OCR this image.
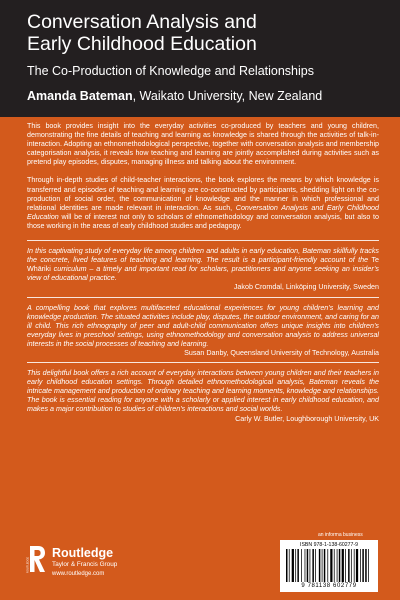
Conversation Analysis and
Early Childhood Education
The Co-Production of Knowledge and Relationships
Amanda Bateman, Waikato University, New Zealand

This book provides insight into the everyday activities co-produced by teachers and young children, demonstrating the fine details of teaching and learning as knowledge is shared through the activities of talk-in-interaction. Adopting an ethnomethodological perspective, together with conversation analysis and membership categorisation analysis, it reveals how teaching and learning are jointly accomplished during activities such as pretend play episodes, disputes, managing illness and talking about the environment.

Through in-depth studies of child-teacher interactions, the book explores the means by which knowledge is transferred and episodes of teaching and learning are co-constructed by participants, shedding light on the co-production of social order, the communication of knowledge and the manner in which professional and relational identities are made relevant in interaction. As such, Conversation Analysis and Early Childhood Education will be of interest not only to scholars of ethnomethodology and conversation analysis, but also to those working in the areas of early childhood studies and pedagogy.

In this captivating study of everyday life among children and adults in early education, Bateman skillfully tracks the concrete, lived features of teaching and learning. The result is a participant-friendly account of the Te Whāriki curriculum – a timely and important read for scholars, practitioners and anyone seeking an insider’s view of educational practice.

Jakob Cromdal, Linköping University, Sweden

A compelling book that explores multifaceted educational experiences for young children’s learning and knowledge production. The situated activities include play, disputes, the outdoor environment, and caring for an ill child. This rich ethnography of peer and adult-child communication offers unique insights into children’s everyday lives in preschool settings, using ethnomethodology and conversation analysis to address universal interests in the social processes of teaching and learning.

Susan Danby, Queensland University of Technology, Australia

This delightful book offers a rich account of everyday interactions between young children and their teachers in early childhood education settings. Through detailed ethnomethodological analysis, Bateman reveals the intricate management and production of ordinary teaching and learning moments, knowledge and relationships. The book is essential reading for anyone with a scholarly or applied interest in early childhood education, and makes a major contribution to studies of children’s interactions and social worlds.

Carly W. Butler, Loughborough University, UK
ROUTLEDGE
Routledge
Taylor & Francis Group
www.routledge.com
an informa business
ISBN 978-1-138-60277-9
9 781138 602779
